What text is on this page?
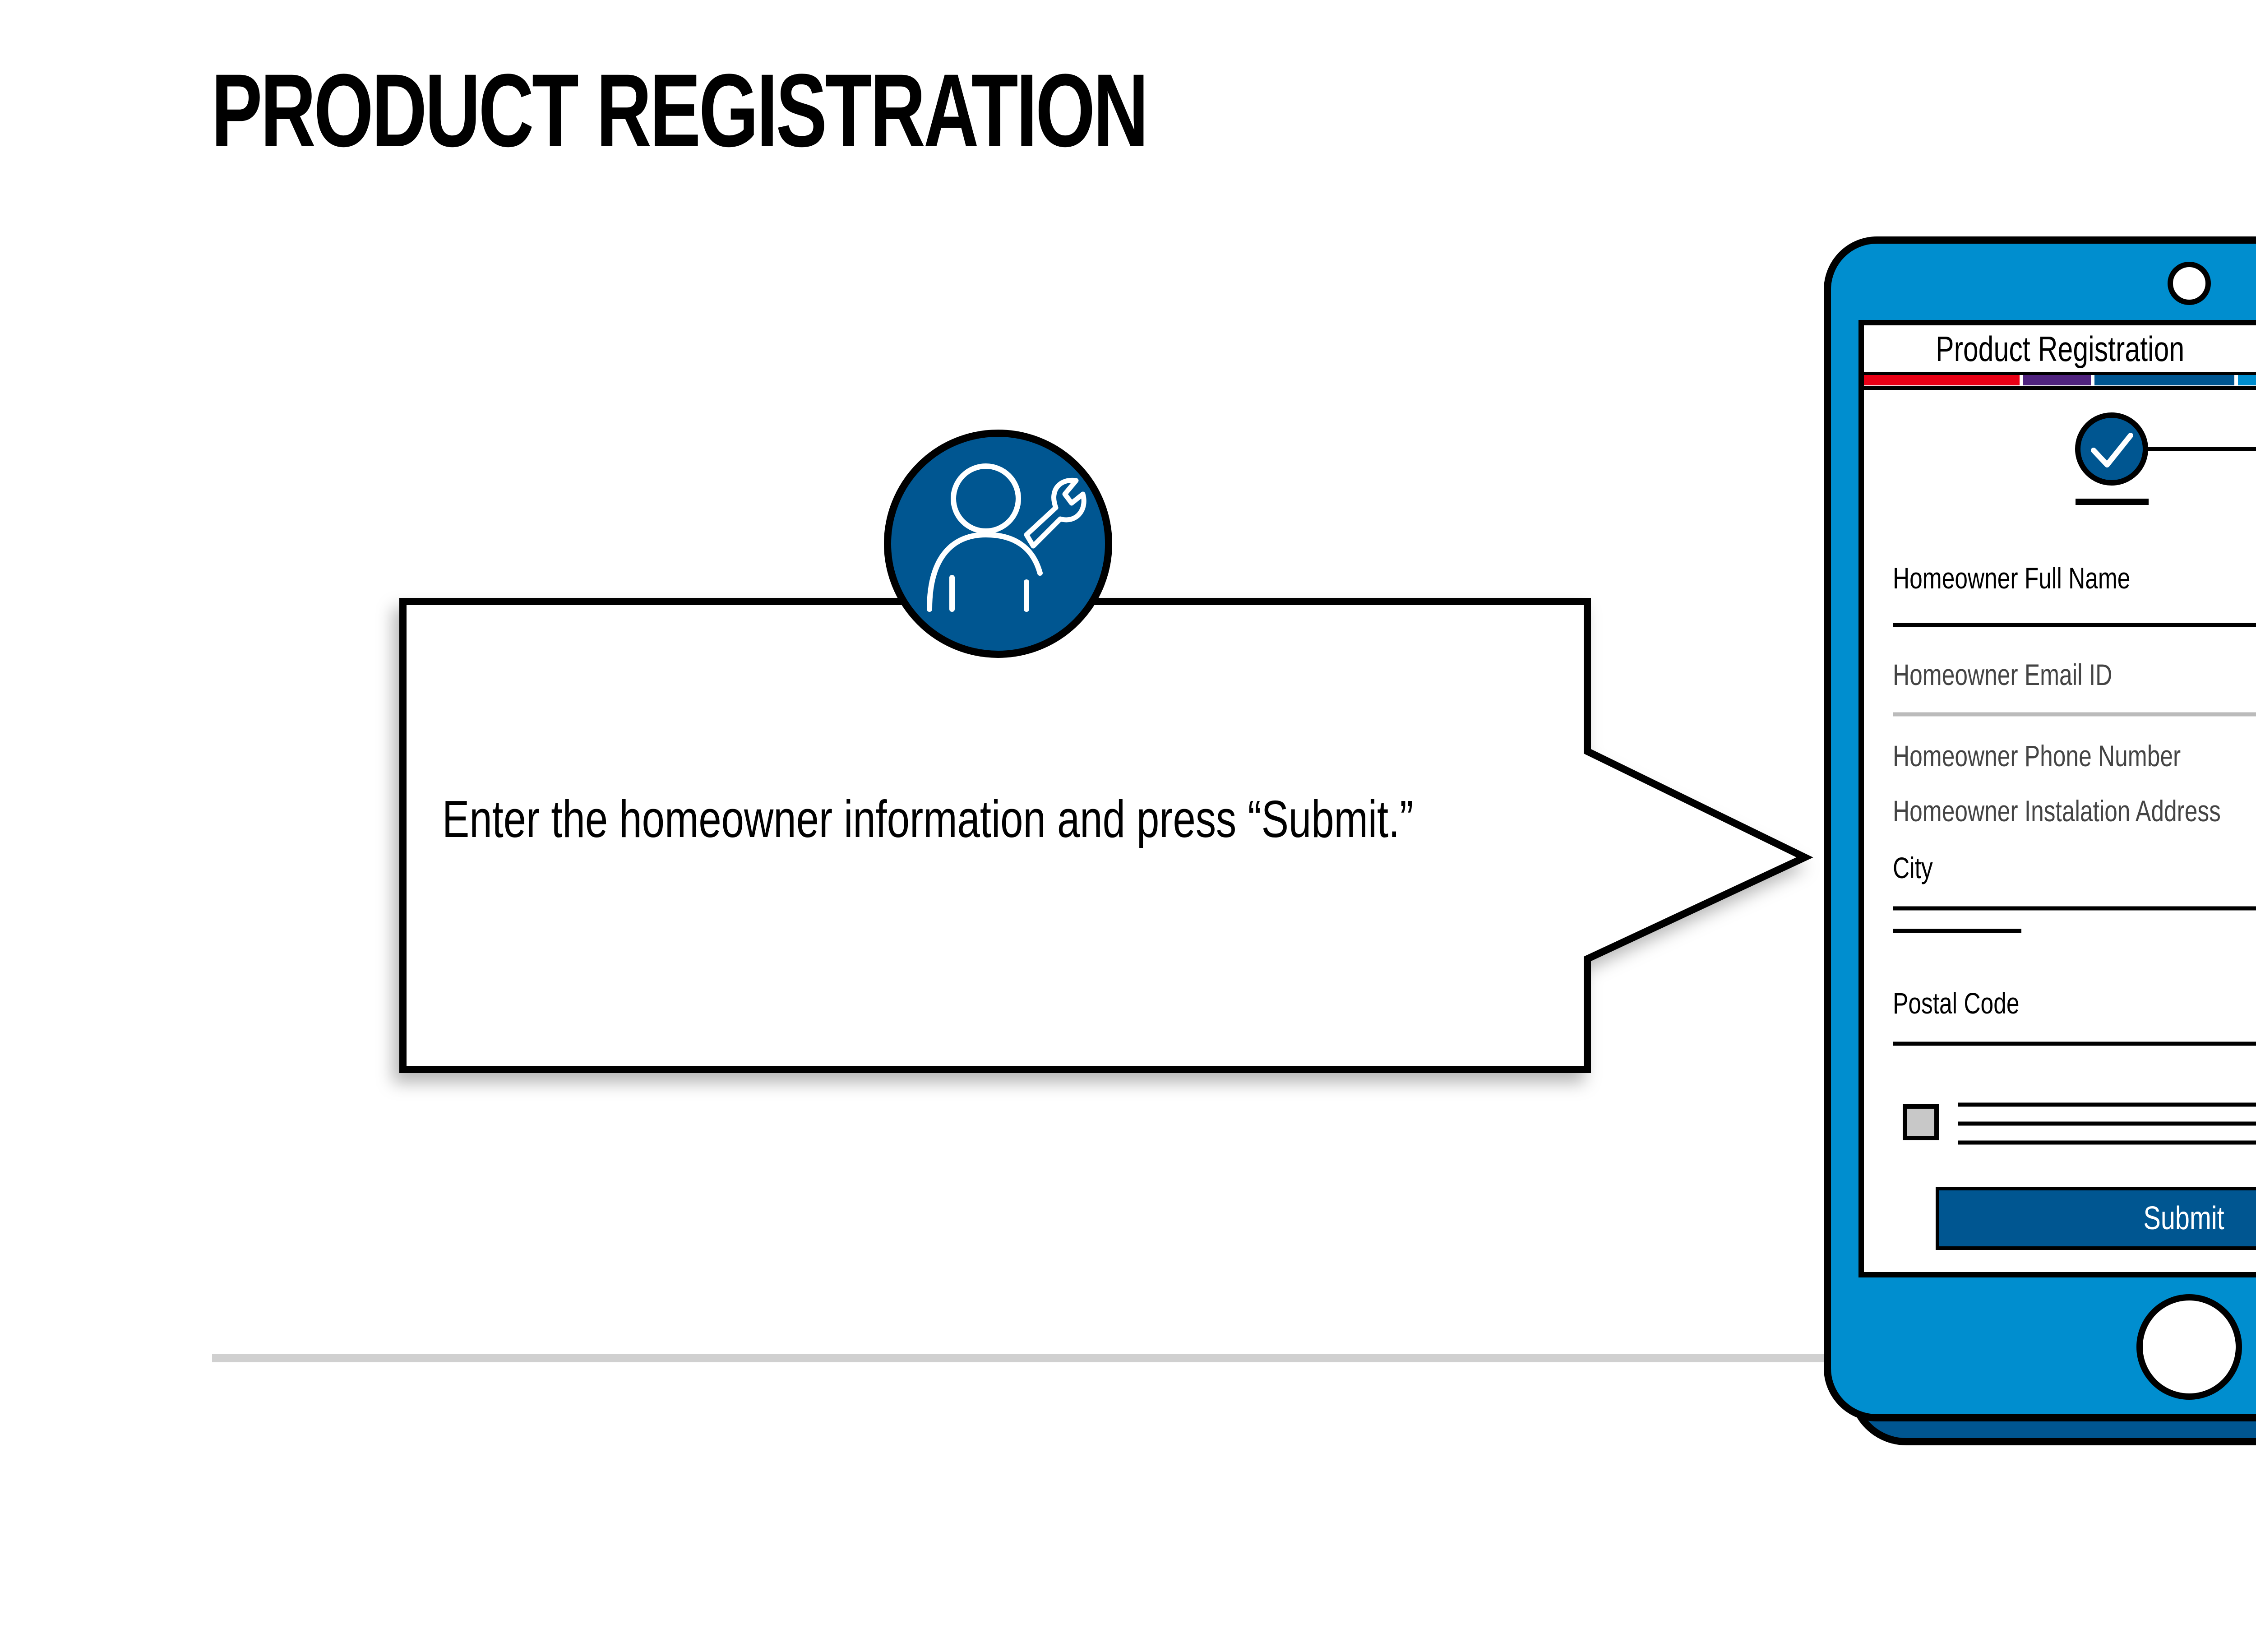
PRODUCT REGISTRATION
Enter the homeowner information and press “Submit.”
Product Registration
Homeowner Full Name
Homeowner Email ID
Homeowner Phone Number
Homeowner Instalation Address
City
Postal Code
Submit
